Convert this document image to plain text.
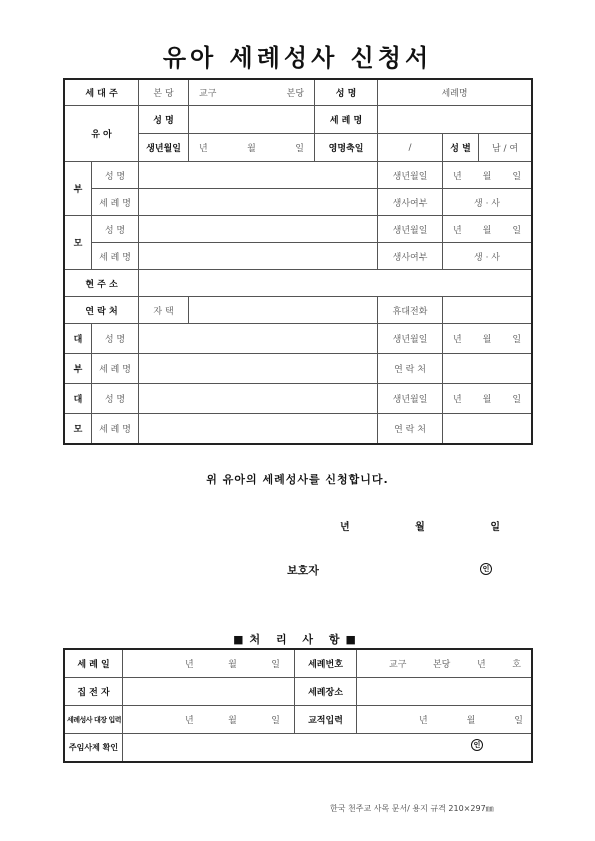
유아 세례성사 신청서
세 대 주		본 당	교구 본당	성 명	세례명		
유 아		성 명		세 례 명			
		생년월일	년 월 일	영명축일	/	성 별	남 / 여
부	성 명				생년월일	년 월 일	

	세 례 명				생사여부	생 · 사	
모	성 명				생년월일	년 월 일	

	세 례 명				생사여부	생 · 사	
현 주 소							
연 락 처		자 택			휴대전화		
대	성 명				생년월일	년 월 일	

부	세 례 명				연 락 처		
대	성 명				생년월일	년 월 일	

모	세 례 명				연 락 처		
위 유아의 세례성사를 신청합니다.
년	월	일
보호자	인
■처 리 사 항■
세 례 일	년 월 일	세례번호	교구 본당 년 호

집 전 자		세례장소	
세례성사 대장 입력	년 월 일	교적입력	년 월 일

주임사제 확인				인
한국 천주교 사목 문서/ 용지 규격 210×297㎜
